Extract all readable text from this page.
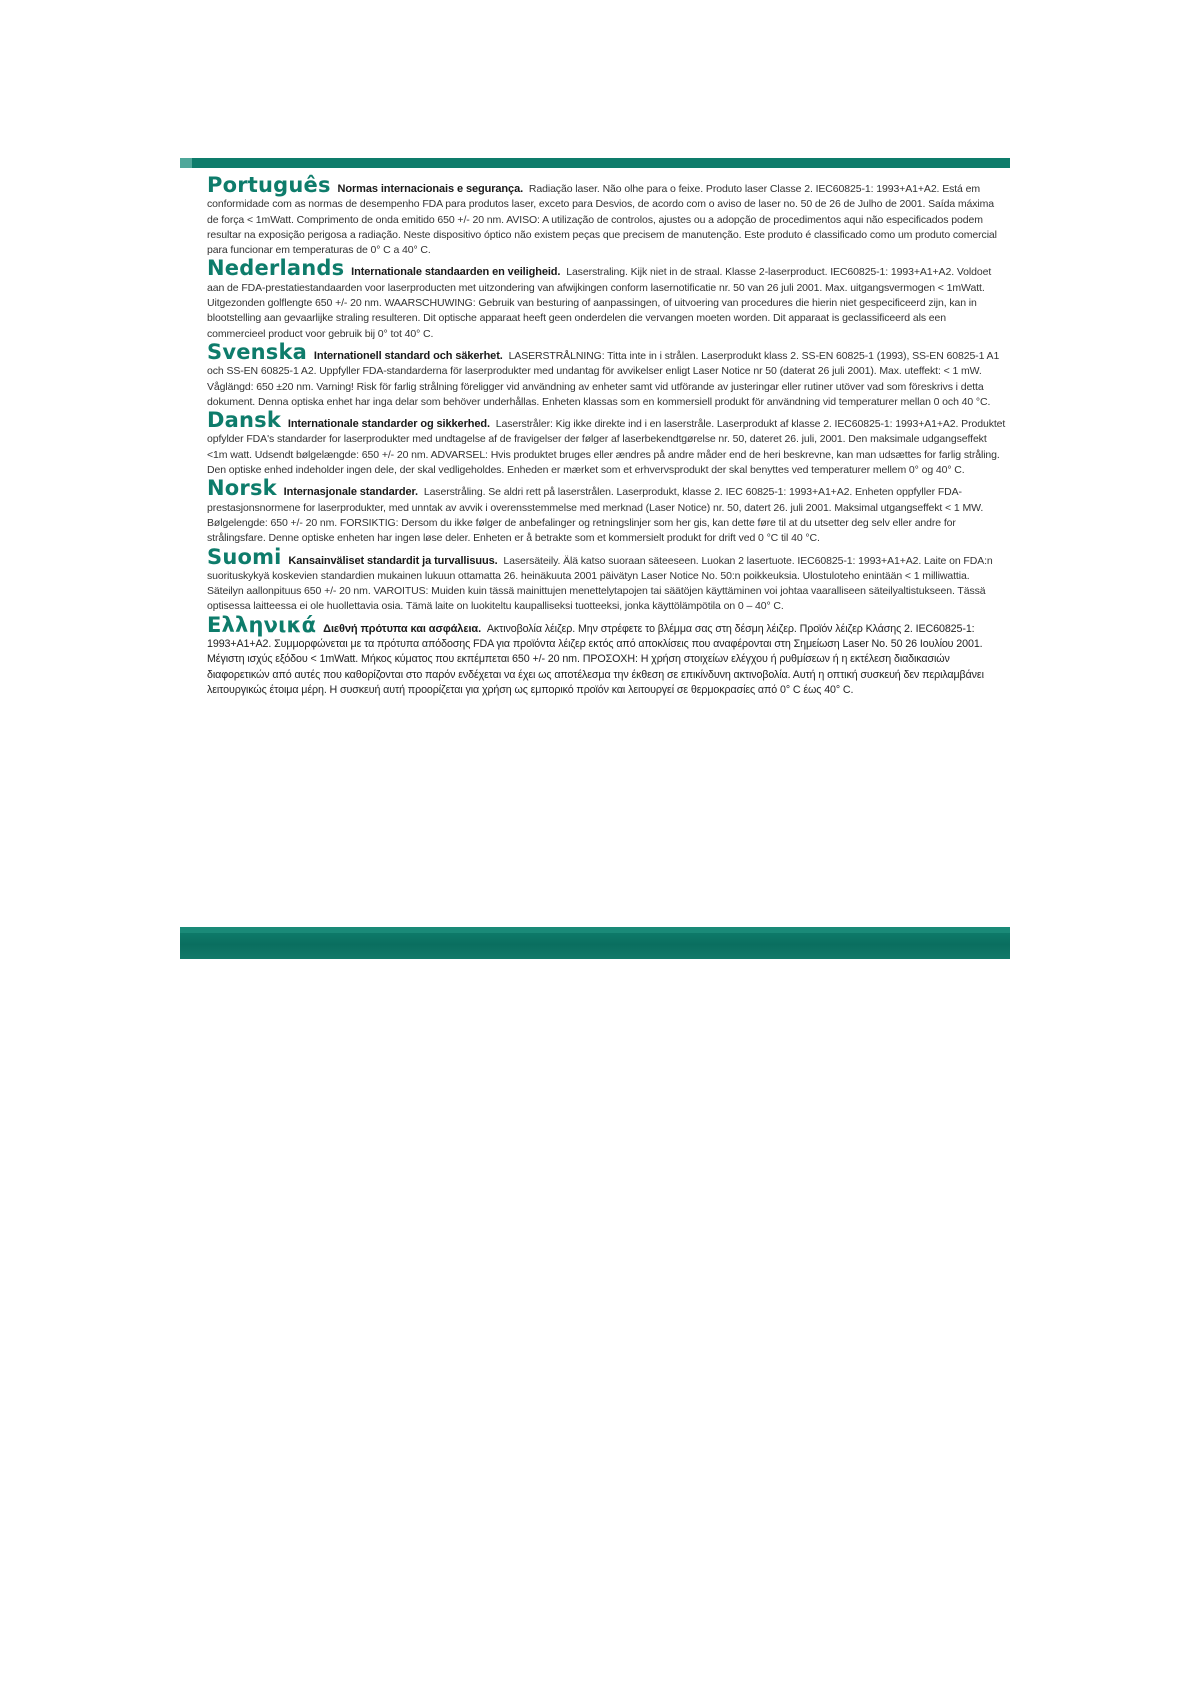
Português Normas internacionais e segurança. Radiação laser. Não olhe para o feixe. Produto laser Classe 2. IEC60825-1: 1993+A1+A2. Está em conformidade com as normas de desempenho FDA para produtos laser, exceto para Desvios, de acordo com o aviso de laser no. 50 de 26 de Julho de 2001. Saída máxima de força < 1mWatt. Comprimento de onda emitido 650 +/- 20 nm. AVISO: A utilização de controlos, ajustes ou a adopção de procedimentos aqui não especificados podem resultar na exposição perigosa a radiação. Neste dispositivo óptico não existem peças que precisem de manutenção. Este produto é classificado como um produto comercial para funcionar em temperaturas de 0° C a 40° C.

Nederlands Internationale standaarden en veiligheid. Laserstraling. Kijk niet in de straal. Klasse 2-laserproduct. IEC60825-1: 1993+A1+A2. Voldoet aan de FDA-prestatiestandaarden voor laserproducten met uitzondering van afwijkingen conform lasernotificatie nr. 50 van 26 juli 2001. Max. uitgangsvermogen < 1mWatt. Uitgezonden golflengte 650 +/- 20 nm. WAARSCHUWING: Gebruik van besturing of aanpassingen, of uitvoering van procedures die hierin niet gespecificeerd zijn, kan in blootstelling aan gevaarlijke straling resulteren. Dit optische apparaat heeft geen onderdelen die vervangen moeten worden. Dit apparaat is geclassificeerd als een commercieel product voor gebruik bij 0° tot 40° C.

Svenska Internationell standard och säkerhet. LASERSTRÅLNING: Titta inte in i strålen. Laserprodukt klass 2. SS-EN 60825-1 (1993), SS-EN 60825-1 A1 och SS-EN 60825-1 A2. Uppfyller FDA-standarderna för laserprodukter med undantag för avvikelser enligt Laser Notice nr 50 (daterat 26 juli 2001). Max. uteffekt: < 1 mW. Våglängd: 650 ±20 nm. Varning! Risk för farlig strålning föreligger vid användning av enheter samt vid utförande av justeringar eller rutiner utöver vad som föreskrivs i detta dokument. Denna optiska enhet har inga delar som behöver underhållas. Enheten klassas som en kommersiell produkt för användning vid temperaturer mellan 0 och 40 °C.

Dansk Internationale standarder og sikkerhed. Laserstråler: Kig ikke direkte ind i en laserstråle. Laserprodukt af klasse 2. IEC60825-1: 1993+A1+A2. Produktet opfylder FDA's standarder for laserprodukter med undtagelse af de fravigelser der følger af laserbekendtgørelse nr. 50, dateret 26. juli, 2001. Den maksimale udgangseffekt <1m watt. Udsendt bølgelængde: 650 +/- 20 nm. ADVARSEL: Hvis produktet bruges eller ændres på andre måder end de heri beskrevne, kan man udsættes for farlig stråling. Den optiske enhed indeholder ingen dele, der skal vedligeholdes. Enheden er mærket som et erhvervsprodukt der skal benyttes ved temperaturer mellem 0° og 40° C.

Norsk Internasjonale standarder. Laserstråling. Se aldri rett på laserstrålen. Laserprodukt, klasse 2. IEC 60825-1: 1993+A1+A2. Enheten oppfyller FDA-prestasjonsnormene for laserprodukter, med unntak av avvik i overensstemmelse med merknad (Laser Notice) nr. 50, datert 26. juli 2001. Maksimal utgangseffekt < 1 MW. Bølgelengde: 650 +/- 20 nm. FORSIKTIG: Dersom du ikke følger de anbefalinger og retningslinjer som her gis, kan dette føre til at du utsetter deg selv eller andre for strålingsfare. Denne optiske enheten har ingen løse deler. Enheten er å betrakte som et kommersielt produkt for drift ved 0 °C til 40 °C.

Suomi Kansainväliset standardit ja turvallisuus. Lasersäteily. Älä katso suoraan säteeseen. Luokan 2 lasertuote. IEC60825-1: 1993+A1+A2. Laite on FDA:n suorituskykyä koskevien standardien mukainen lukuun ottamatta 26. heinäkuuta 2001 päivätyn Laser Notice No. 50:n poikkeuksia. Ulostuloteho enintään < 1 milliwattia. Säteilyn aallonpituus 650 +/- 20 nm. VAROITUS: Muiden kuin tässä mainittujen menettelytapojen tai säätöjen käyttäminen voi johtaa vaaralliseen säteilyaltistukseen. Tässä optisessa laitteessa ei ole huollettavia osia. Tämä laite on luokiteltu kaupalliseksi tuotteeksi, jonka käyttölämpötila on 0 – 40° C.

Ελληνικά Διεθνή πρότυπα και ασφάλεια. Ακτινοβολία λέιζερ. Μην στρέφετε το βλέμμα σας στη δέσμη λέιζερ. Προϊόν λέιζερ Κλάσης 2. IEC60825-1: 1993+A1+A2. Συμμορφώνεται με τα πρότυπα απόδοσης FDA για προϊόντα λέιζερ εκτός από αποκλίσεις που αναφέρονται στη Σημείωση Laser No. 50 26 Ιουλίου 2001. Μέγιστη ισχύς εξόδου < 1mWatt. Μήκος κύματος που εκπέμπεται 650 +/- 20 nm. ΠΡΟΣΟΧΗ: Η χρήση στοιχείων ελέγχου ή ρυθμίσεων ή η εκτέλεση διαδικασιών διαφορετικών από αυτές που καθορίζονται στο παρόν ενδέχεται να έχει ως αποτέλεσμα την έκθεση σε επικίνδυνη ακτινοβολία. Αυτή η οπτική συσκευή δεν περιλαμβάνει λειτουργικώς έτοιμα μέρη. Η συσκευή αυτή προορίζεται για χρήση ως εμπορικό προϊόν και λειτουργεί σε θερμοκρασίες από 0° C έως 40° C.
